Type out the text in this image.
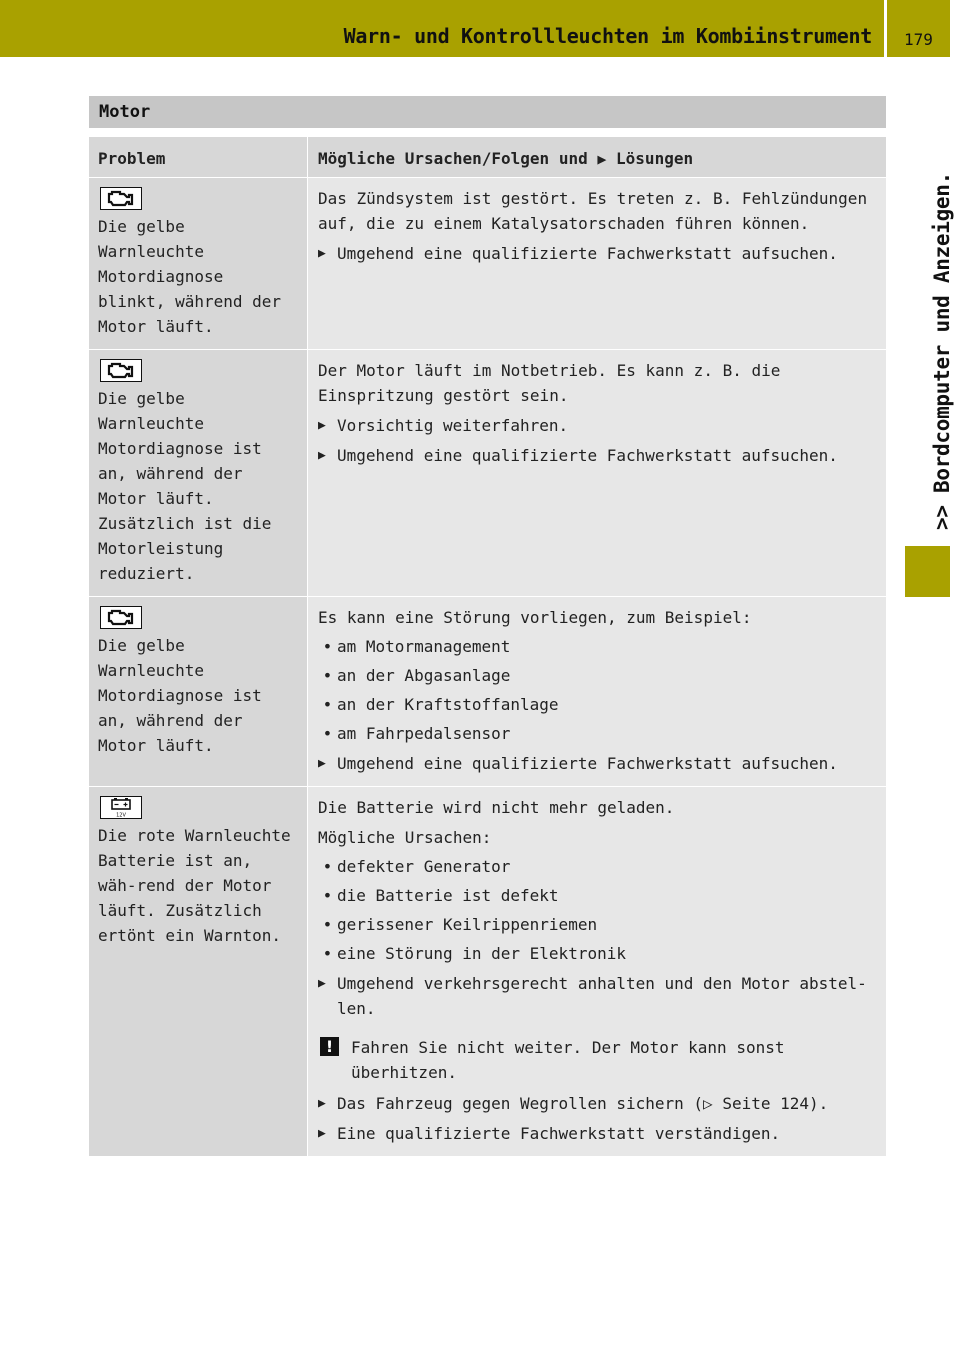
Warn- und Kontrollleuchten im Kombiinstrument 179
>> Bordcomputer und Anzeigen.
Motor
Problem	Mögliche Ursachen/Folgen und ▶ Lösungen
Die gelbe Warnleuchte Motordiagnose blinkt, während der Motor läuft.

Das Zündsystem ist gestört. Es treten z. B. Fehlzündungen auf, die zu einem Katalysatorschaden führen können.

▶ Umgehend eine qualifizierte Fachwerkstatt aufsuchen.
Die gelbe Warnleuchte Motordiagnose ist an, während der Motor läuft. Zusätzlich ist die Motorleistung reduziert.

Der Motor läuft im Notbetrieb. Es kann z. B. die Einspritzung gestört sein.

▶ Vorsichtig weiterfahren.
▶ Umgehend eine qualifizierte Fachwerkstatt aufsuchen.
Die gelbe Warnleuchte Motordiagnose ist an, während der Motor läuft.

Es kann eine Störung vorliegen, zum Beispiel:

• am Motormanagement
• an der Abgasanlage
• an der Kraftstoffanlage
• am Fahrpedalsensor
▶ Umgehend eine qualifizierte Fachwerkstatt aufsuchen.
12V
Die rote Warnleuchte Batterie ist an, wäh-rend der Motor läuft. Zusätzlich ertönt ein Warnton.

Die Batterie wird nicht mehr geladen.

Mögliche Ursachen:

• defekter Generator
• die Batterie ist defekt
• gerissener Keilrippenriemen
• eine Störung in der Elektronik
▶ Umgehend verkehrsgerecht anhalten und den Motor abstel-len.
!	Fahren Sie nicht weiter. Der Motor kann sonst überhitzen.
▶ Das Fahrzeug gegen Wegrollen sichern (▷ Seite 124).
▶ Eine qualifizierte Fachwerkstatt verständigen.
